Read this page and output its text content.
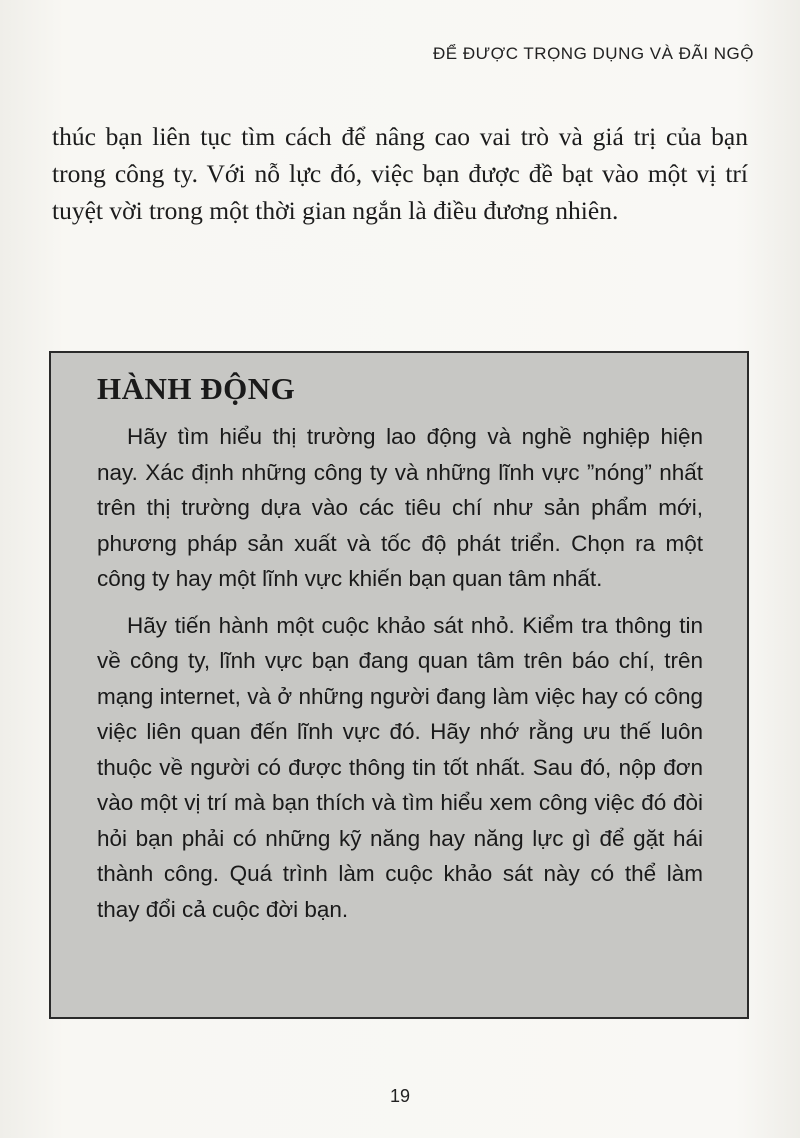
ĐỂ ĐƯỢC TRỌNG DỤNG VÀ ĐÃI NGỘ

thúc bạn liên tục tìm cách để nâng cao vai trò và giá trị của bạn trong công ty. Với nỗ lực đó, việc bạn được đề bạt vào một vị trí tuyệt vời trong một thời gian ngắn là điều đương nhiên.

HÀNH ĐỘNG

Hãy tìm hiểu thị trường lao động và nghề nghiệp hiện nay. Xác định những công ty và những lĩnh vực ”nóng” nhất trên thị trường dựa vào các tiêu chí như sản phẩm mới, phương pháp sản xuất và tốc độ phát triển. Chọn ra một công ty hay một lĩnh vực khiến bạn quan tâm nhất.

Hãy tiến hành một cuộc khảo sát nhỏ. Kiểm tra thông tin về công ty, lĩnh vực bạn đang quan tâm trên báo chí, trên mạng internet, và ở những người đang làm việc hay có công việc liên quan đến lĩnh vực đó. Hãy nhớ rằng ưu thế luôn thuộc về người có được thông tin tốt nhất. Sau đó, nộp đơn vào một vị trí mà bạn thích và tìm hiểu xem công việc đó đòi hỏi bạn phải có những kỹ năng hay năng lực gì để gặt hái thành công. Quá trình làm cuộc khảo sát này có thể làm thay đổi cả cuộc đời bạn.

19
